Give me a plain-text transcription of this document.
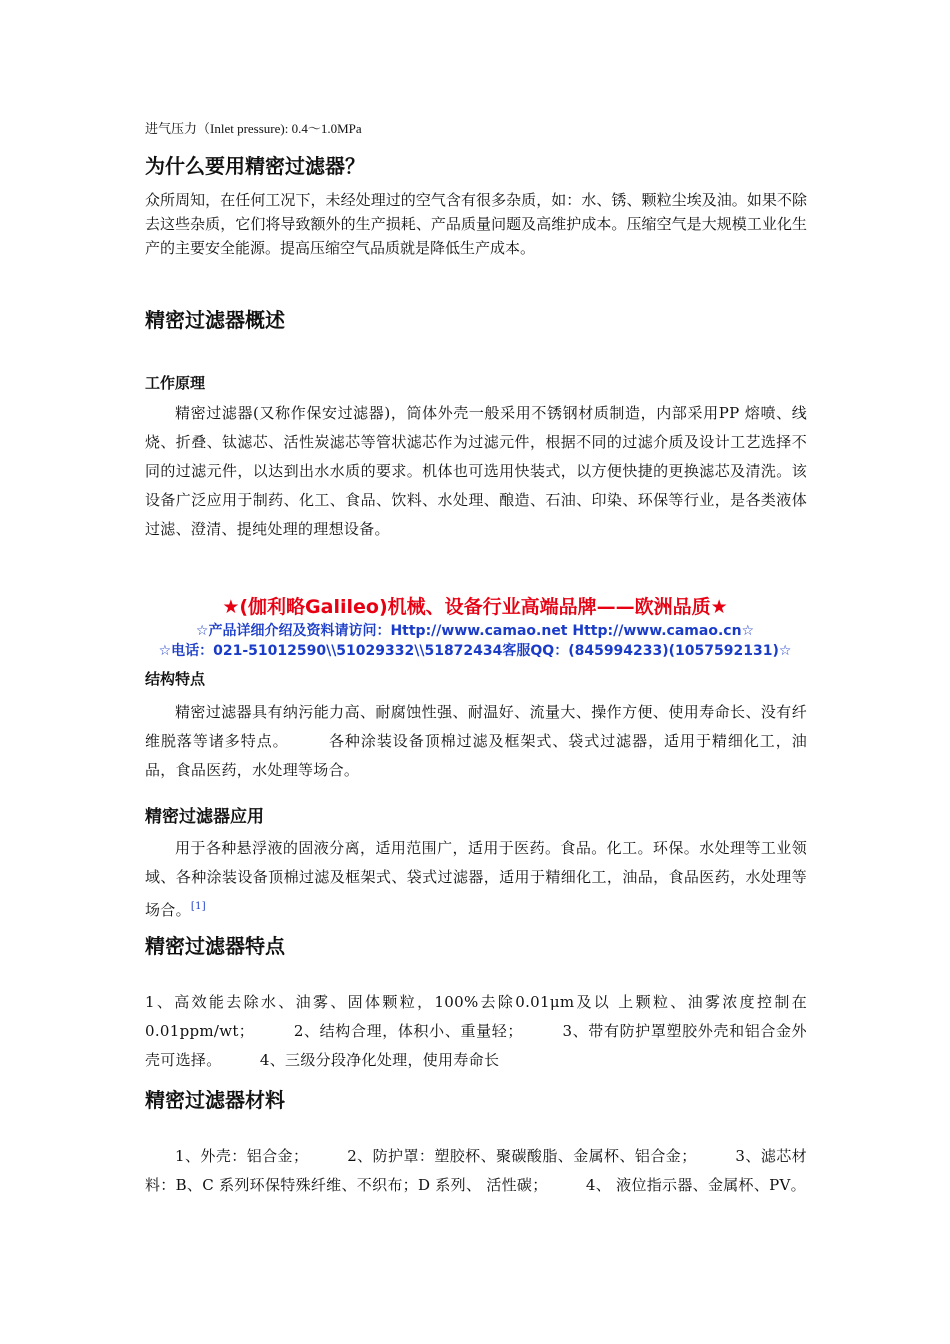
进气压力（Inlet pressure): 0.4～1.0MPa
为什么要用精密过滤器？

众所周知，在任何工况下，未经处理过的空气含有很多杂质，如：水、锈、颗粒尘埃及油。如果不除去这些杂质，它们将导致额外的生产损耗、产品质量问题及高维护成本。压缩空气是大规模工业化生产的主要安全能源。提高压缩空气品质就是降低生产成本。

精密过滤器概述
工作原理

精密过滤器(又称作保安过滤器)，筒体外壳一般采用不锈钢材质制造，内部采用PP 熔喷、线烧、折叠、钛滤芯、活性炭滤芯等管状滤芯作为过滤元件，根据不同的过滤介质及设计工艺选择不同的过滤元件，以达到出水水质的要求。机体也可选用快装式，以方便快捷的更换滤芯及清洗。该设备广泛应用于制药、化工、食品、饮料、水处理、酿造、石油、印染、环保等行业，是各类液体过滤、澄清、提纯处理的理想设备。

★(伽利略Galileo)机械、设备行业高端品牌——欧洲品质★
☆产品详细介绍及资料请访问：Http://www.camao.net Http://www.camao.cn☆
☆电话：021-51012590\\51029332\\51872434客服QQ：(845994233)(1057592131)☆
结构特点

精密过滤器具有纳污能力高、耐腐蚀性强、耐温好、流量大、操作方便、使用寿命长、没有纤维脱落等诸多特点。　　　各种涂装设备顶棉过滤及框架式、袋式过滤器，适用于精细化工，油品，食品医药，水处理等场合。

精密过滤器应用

用于各种悬浮液的固液分离，适用范围广，适用于医药。食品。化工。环保。水处理等工业领域、各种涂装设备顶棉过滤及框架式、袋式过滤器，适用于精细化工，油品，食品医药，水处理等场合。[1]

精密过滤器特点

1、高效能去除水、油雾、固体颗粒，100%去除0.01μm及以 上颗粒、油雾浓度控制在0.01ppm/wt；　　　2、结构合理，体积小、重量轻；　　　3、带有防护罩塑胶外壳和铝合金外壳可选择。　　　4、三级分段净化处理，使用寿命长

精密过滤器材料

1、外壳：铝合金；　　　2、防护罩：塑胶杯、聚碳酸脂、金属杯、铝合金；　　　3、滤芯材料：B、C 系列环保特殊纤维、不织布；D 系列、 活性碳；　　　4、 液位指示器、金属杯、PV。
